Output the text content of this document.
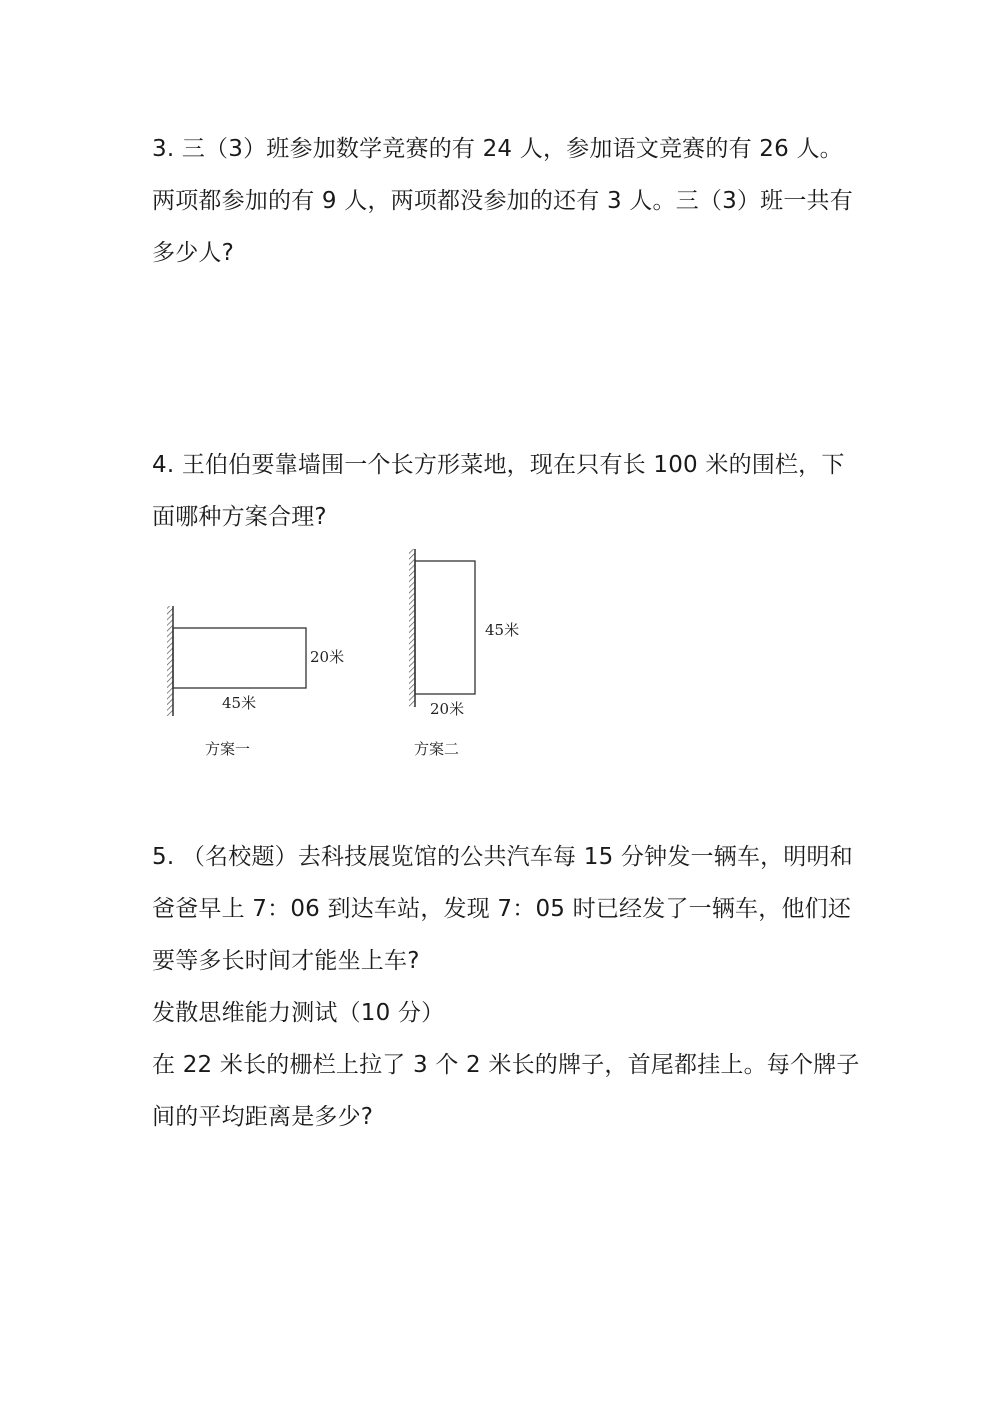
3. 三（3）班参加数学竞赛的有 24 人，参加语文竞赛的有 26 人。
两项都参加的有 9 人，两项都没参加的还有 3 人。三（3）班一共有
多少人?
4. 王伯伯要靠墙围一个长方形菜地，现在只有长 100 米的围栏，下
面哪种方案合理?
20米
45米
方案一
45米
20米
方案二
5. （名校题）去科技展览馆的公共汽车每 15 分钟发一辆车，明明和
爸爸早上 7：06 到达车站，发现 7：05 时已经发了一辆车，他们还
要等多长时间才能坐上车?
发散思维能力测试（10 分）
在 22 米长的栅栏上拉了 3 个 2 米长的牌子，首尾都挂上。每个牌子
间的平均距离是多少?
